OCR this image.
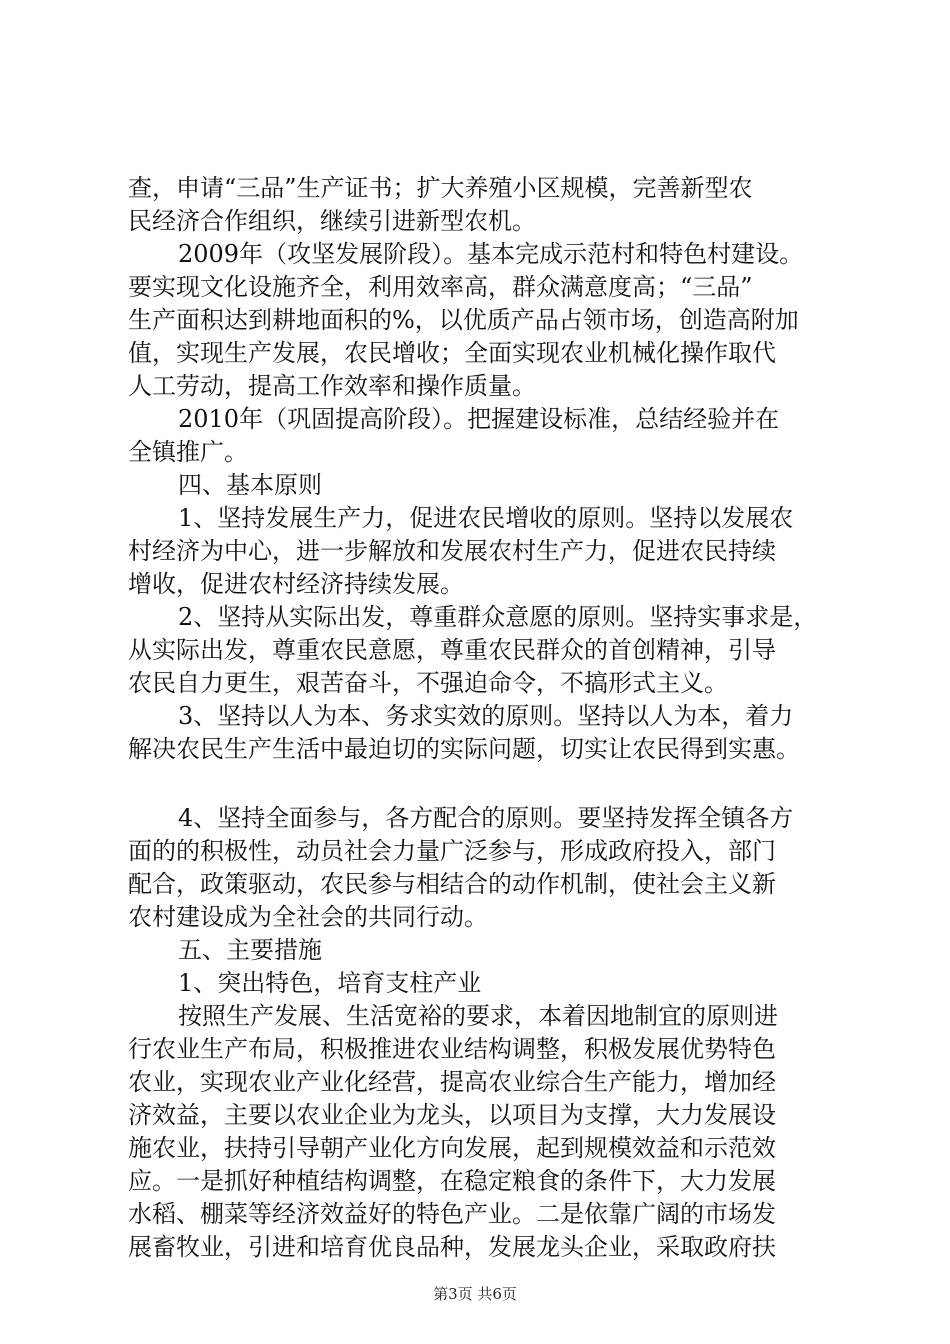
查，申请“三品”生产证书；扩大养殖小区规模，完善新型农
民经济合作组织，继续引进新型农机。
2009年（攻坚发展阶段）。基本完成示范村和特色村建设。
要实现文化设施齐全，利用效率高，群众满意度高；“三品”
生产面积达到耕地面积的%，以优质产品占领市场，创造高附加
值，实现生产发展，农民增收；全面实现农业机械化操作取代
人工劳动，提高工作效率和操作质量。
2010年（巩固提高阶段）。把握建设标准，总结经验并在
全镇推广。
四、基本原则
1、坚持发展生产力，促进农民增收的原则。坚持以发展农
村经济为中心，进一步解放和发展农村生产力，促进农民持续
增收，促进农村经济持续发展。
2、坚持从实际出发，尊重群众意愿的原则。坚持实事求是，
从实际出发，尊重农民意愿，尊重农民群众的首创精神，引导
农民自力更生，艰苦奋斗，不强迫命令，不搞形式主义。
3、坚持以人为本、务求实效的原则。坚持以人为本，着力
解决农民生产生活中最迫切的实际问题，切实让农民得到实惠。
4、坚持全面参与，各方配合的原则。要坚持发挥全镇各方
面的的积极性，动员社会力量广泛参与，形成政府投入，部门
配合，政策驱动，农民参与相结合的动作机制，使社会主义新
农村建设成为全社会的共同行动。
五、主要措施
1、突出特色，培育支柱产业
按照生产发展、生活宽裕的要求，本着因地制宜的原则进
行农业生产布局，积极推进农业结构调整，积极发展优势特色
农业，实现农业产业化经营，提高农业综合生产能力，增加经
济效益，主要以农业企业为龙头，以项目为支撑，大力发展设
施农业，扶持引导朝产业化方向发展，起到规模效益和示范效
应。一是抓好种植结构调整，在稳定粮食的条件下，大力发展
水稻、棚菜等经济效益好的特色产业。二是依靠广阔的市场发
展畜牧业，引进和培育优良品种，发展龙头企业，采取政府扶
第3页 共6页
